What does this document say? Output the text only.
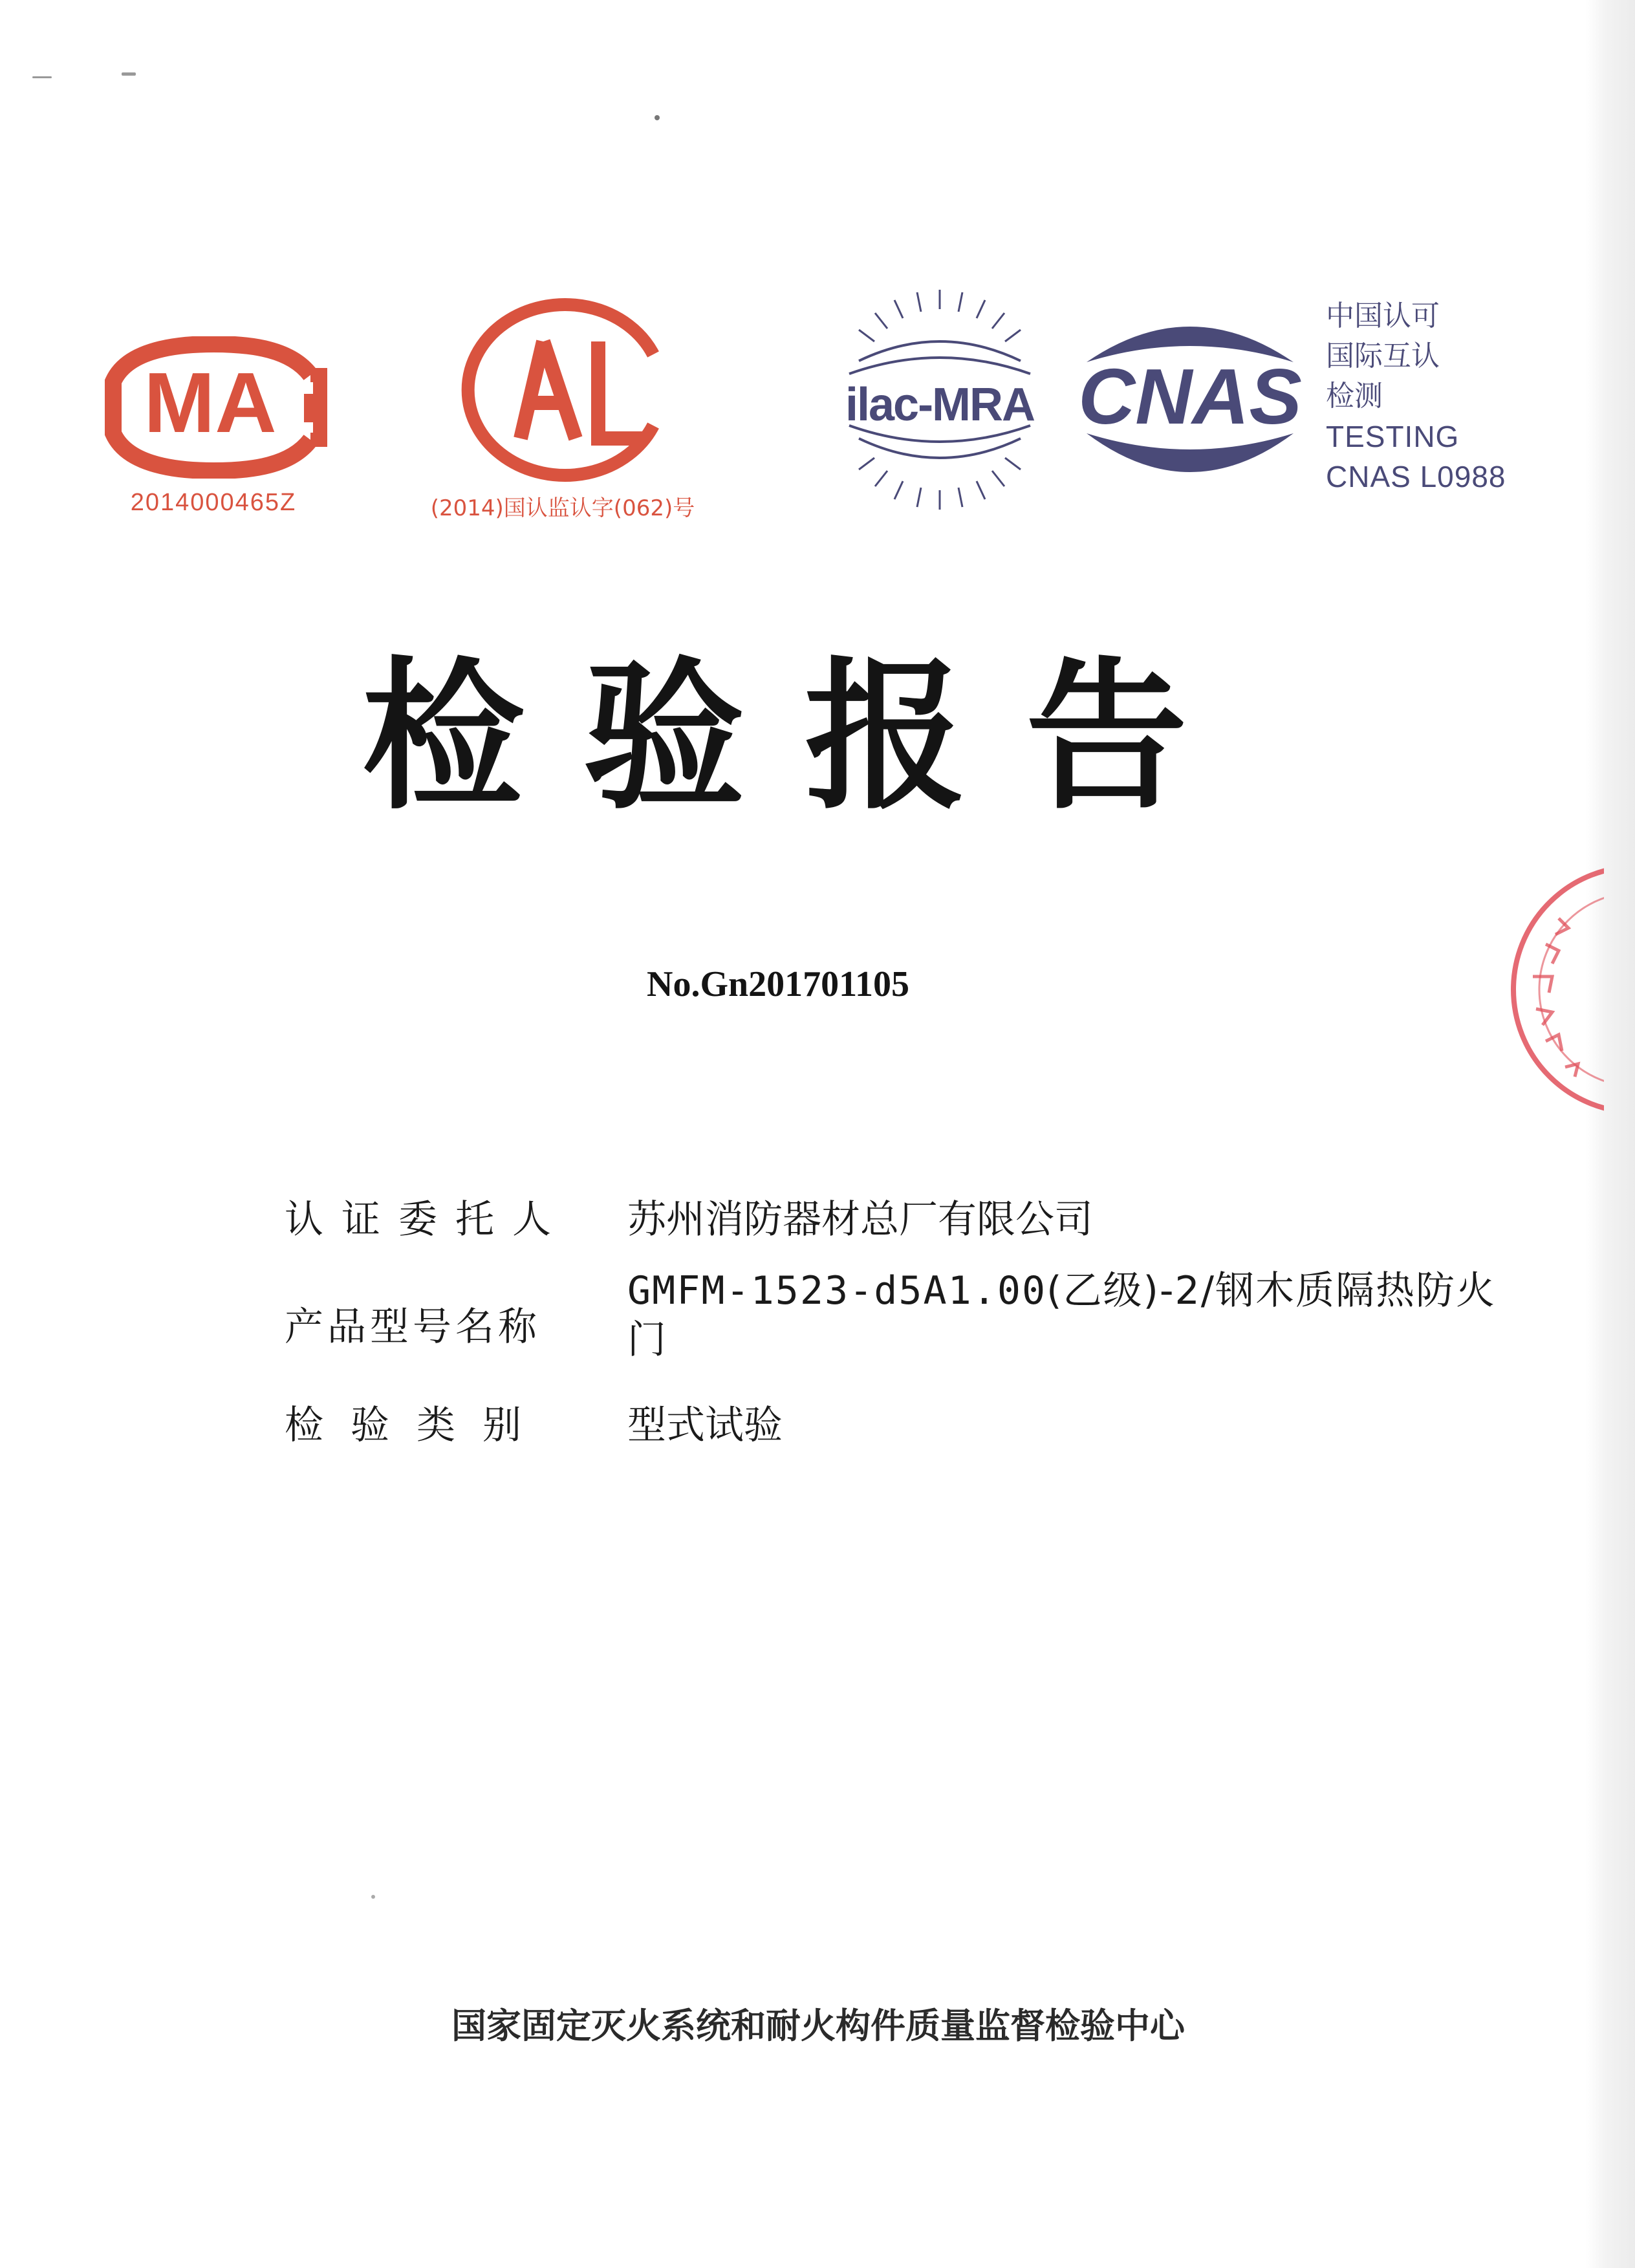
MA
2014000465Z	(2014)国认监认字(062)号
ilac-MRA CNAS
中国认可
国际互认
检测
TESTING
CNAS L0988
检验报告
No.Gn201701105
认证委托人 苏州消防器材总厂有限公司
产品型号名称
GMFM-1523-d5A1.00(乙级)-2/钢木质隔热防火门
检验类别 型式试验
国家固定灭火系统和耐火构件质量监督检验中心
